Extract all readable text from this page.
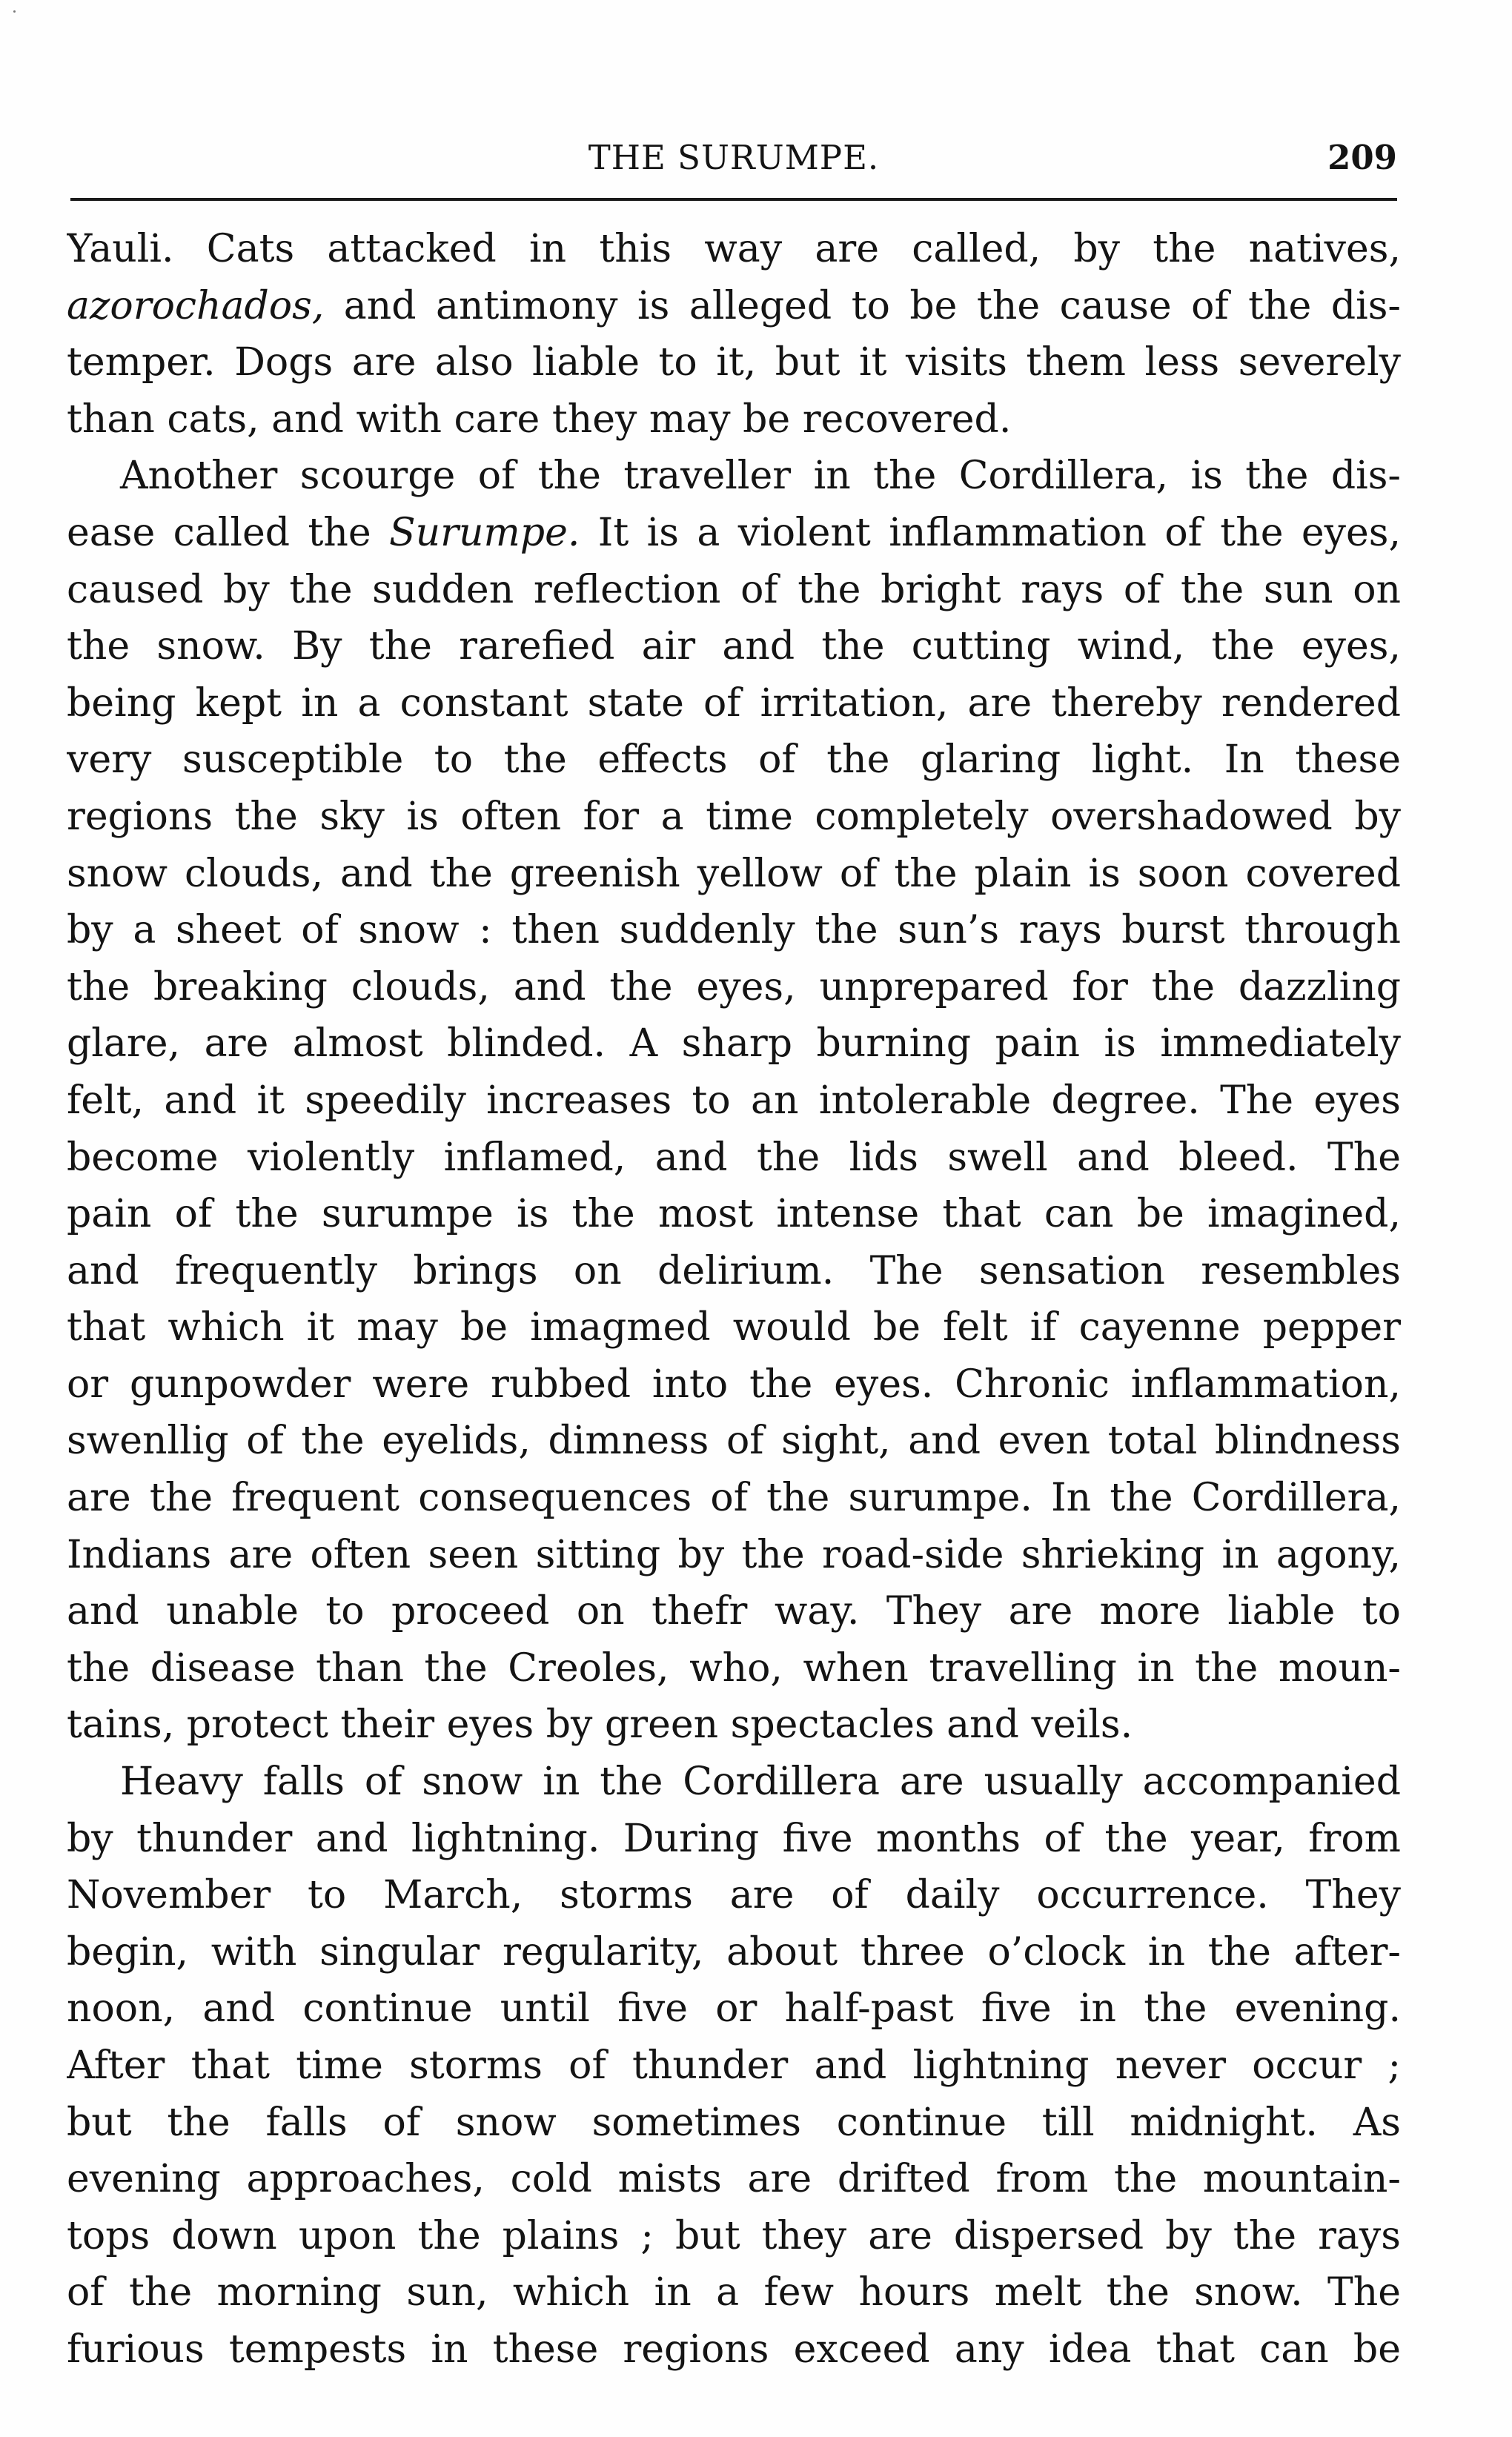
THE SURUMPE.	209
Yauli. Cats attacked in this way are called, by the natives,
azorochados, and antimony is alleged to be the cause of the dis-
temper. Dogs are also liable to it, but it visits them less severely
than cats, and with care they may be recovered.
Another scourge of the traveller in the Cordillera, is the dis-
ease called the Surumpe. It is a violent inflammation of the eyes,
caused by the sudden reflection of the bright rays of the sun on
the snow. By the rarefied air and the cutting wind, the eyes,
being kept in a constant state of irritation, are thereby rendered
very susceptible to the effects of the glaring light. In these
regions the sky is often for a time completely overshadowed by
snow clouds, and the greenish yellow of the plain is soon covered
by a sheet of snow : then suddenly the sun’s rays burst through
the breaking clouds, and the eyes, unprepared for the dazzling
glare, are almost blinded. A sharp burning pain is immediately
felt, and it speedily increases to an intolerable degree. The eyes
become violently inflamed, and the lids swell and bleed. The
pain of the surumpe is the most intense that can be imagined,
and frequently brings on delirium. The sensation resembles
that which it may be imagmed would be felt if cayenne pepper
or gunpowder were rubbed into the eyes. Chronic inflammation,
swenllig of the eyelids, dimness of sight, and even total blindness
are the frequent consequences of the surumpe. In the Cordillera,
Indians are often seen sitting by the road-side shrieking in agony,
and unable to proceed on thefr way. They are more liable to
the disease than the Creoles, who, when travelling in the moun-
tains, protect their eyes by green spectacles and veils.
Heavy falls of snow in the Cordillera are usually accompanied
by thunder and lightning. During five months of the year, from
November to March, storms are of daily occurrence. They
begin, with singular regularity, about three o’clock in the after-
noon, and continue until five or half-past five in the evening.
After that time storms of thunder and lightning never occur ;
but the falls of snow sometimes continue till midnight. As
evening approaches, cold mists are drifted from the mountain-
tops down upon the plains ; but they are dispersed by the rays
of the morning sun, which in a few hours melt the snow. The
furious tempests in these regions exceed any idea that can be
